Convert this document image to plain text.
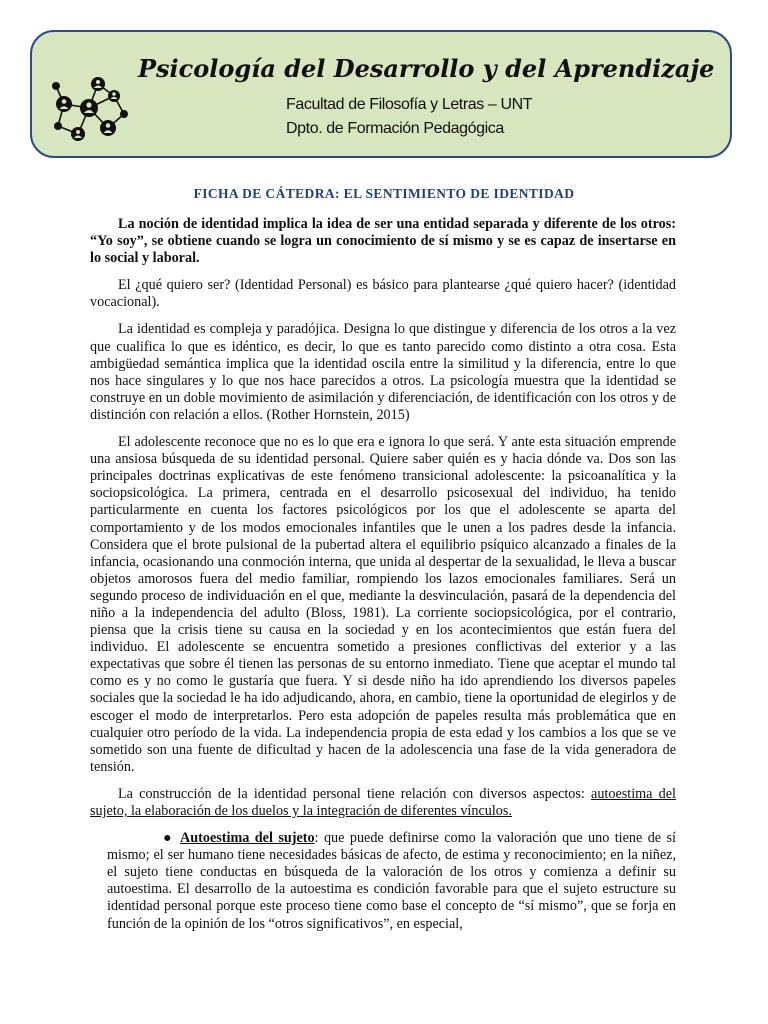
Psicología del Desarrollo y del Aprendizaje
Facultad de Filosofía y Letras – UNT
Dpto. de Formación Pedagógica
FICHA DE CÁTEDRA: EL SENTIMIENTO DE IDENTIDAD

La noción de identidad implica la idea de ser una entidad separada y diferente de los otros: “Yo soy”, se obtiene cuando se logra un conocimiento de sí mismo y se es capaz de insertarse en lo social y laboral.

El ¿qué quiero ser? (Identidad Personal) es básico para plantearse ¿qué quiero hacer? (identidad vocacional).

La identidad es compleja y paradójica. Designa lo que distingue y diferencia de los otros a la vez que cualifica lo que es idéntico, es decir, lo que es tanto parecido como distinto a otra cosa. Esta ambigüedad semántica implica que la identidad oscila entre la similitud y la diferencia, entre lo que nos hace singulares y lo que nos hace parecidos a otros. La psicología muestra que la identidad se construye en un doble movimiento de asimilación y diferenciación, de identificación con los otros y de distinción con relación a ellos. (Rother Hornstein, 2015)

El adolescente reconoce que no es lo que era e ignora lo que será. Y ante esta situación emprende una ansiosa búsqueda de su identidad personal. Quiere saber quién es y hacia dónde va. Dos son las principales doctrinas explicativas de este fenómeno transicional adolescente: la psicoanalítica y la sociopsicológica. La primera, centrada en el desarrollo psicosexual del individuo, ha tenido particularmente en cuenta los factores psicológicos por los que el adolescente se aparta del comportamiento y de los modos emocionales infantiles que le unen a los padres desde la infancia. Considera que el brote pulsional de la pubertad altera el equilibrio psíquico alcanzado a finales de la infancia, ocasionando una conmoción interna, que unida al despertar de la sexualidad, le lleva a buscar objetos amorosos fuera del medio familiar, rompiendo los lazos emocionales familiares. Será un segundo proceso de individuación en el que, mediante la desvinculación, pasará de la dependencia del niño a la independencia del adulto (Bloss, 1981). La corriente sociopsicológica, por el contrario, piensa que la crisis tiene su causa en la sociedad y en los acontecimientos que están fuera del individuo. El adolescente se encuentra sometido a presiones conflictivas del exterior y a las expectativas que sobre él tienen las personas de su entorno inmediato. Tiene que aceptar el mundo tal como es y no como le gustaría que fuera. Y si desde niño ha ido aprendiendo los diversos papeles sociales que la sociedad le ha ido adjudicando, ahora, en cambio, tiene la oportunidad de elegirlos y de escoger el modo de interpretarlos. Pero esta adopción de papeles resulta más problemática que en cualquier otro período de la vida. La independencia propia de esta edad y los cambios a los que se ve sometido son una fuente de dificultad y hacen de la adolescencia una fase de la vida generadora de tensión.

La construcción de la identidad personal tiene relación con diversos aspectos: autoestima del sujeto, la elaboración de los duelos y la integración de diferentes vínculos.

● Autoestima del sujeto: que puede definirse como la valoración que uno tiene de sí mismo; el ser humano tiene necesidades básicas de afecto, de estima y reconocimiento; en la niñez, el sujeto tiene conductas en búsqueda de la valoración de los otros y comienza a definir su autoestima. El desarrollo de la autoestima es condición favorable para que el sujeto estructure su identidad personal porque este proceso tiene como base el concepto de “sí mismo”, que se forja en función de la opinión de los “otros significativos”, en especial,
